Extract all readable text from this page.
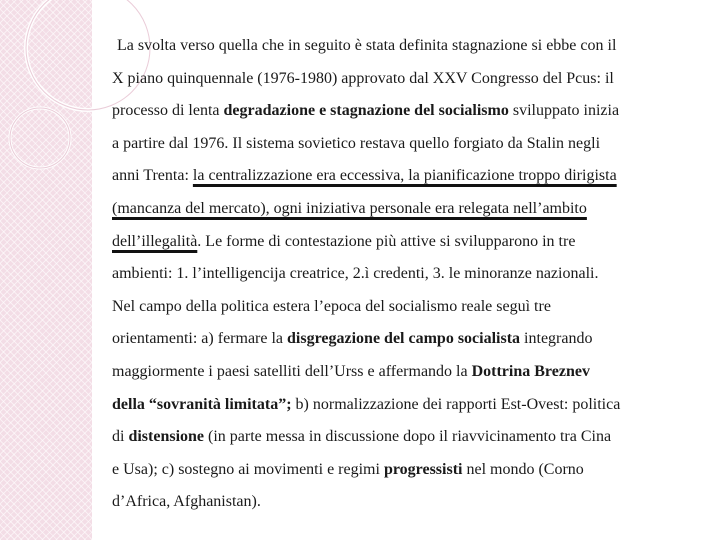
La svolta verso quella che in seguito è stata definita stagnazione si ebbe con il
X piano quinquennale (1976-1980) approvato dal XXV Congresso del Pcus: il
processo di lenta degradazione e stagnazione del socialismo sviluppato inizia
a partire dal 1976. Il sistema sovietico restava quello forgiato da Stalin negli
anni Trenta: la centralizzazione era eccessiva, la pianificazione troppo dirigista
(mancanza del mercato), ogni iniziativa personale era relegata nell’ambito
dell’illegalità. Le forme di contestazione più attive si svilupparono in tre
ambienti: 1. l’intelligencija creatrice, 2.ì credenti, 3. le minoranze nazionali.
Nel campo della politica estera l’epoca del socialismo reale seguì tre
orientamenti: a) fermare la disgregazione del campo socialista integrando
maggiormente i paesi satelliti dell’Urss e affermando la Dottrina Breznev
della “sovranità limitata”; b) normalizzazione dei rapporti Est-Ovest: politica
di distensione (in parte messa in discussione dopo il riavvicinamento tra Cina
e Usa); c) sostegno ai movimenti e regimi progressisti nel mondo (Corno
d’Africa, Afghanistan).
